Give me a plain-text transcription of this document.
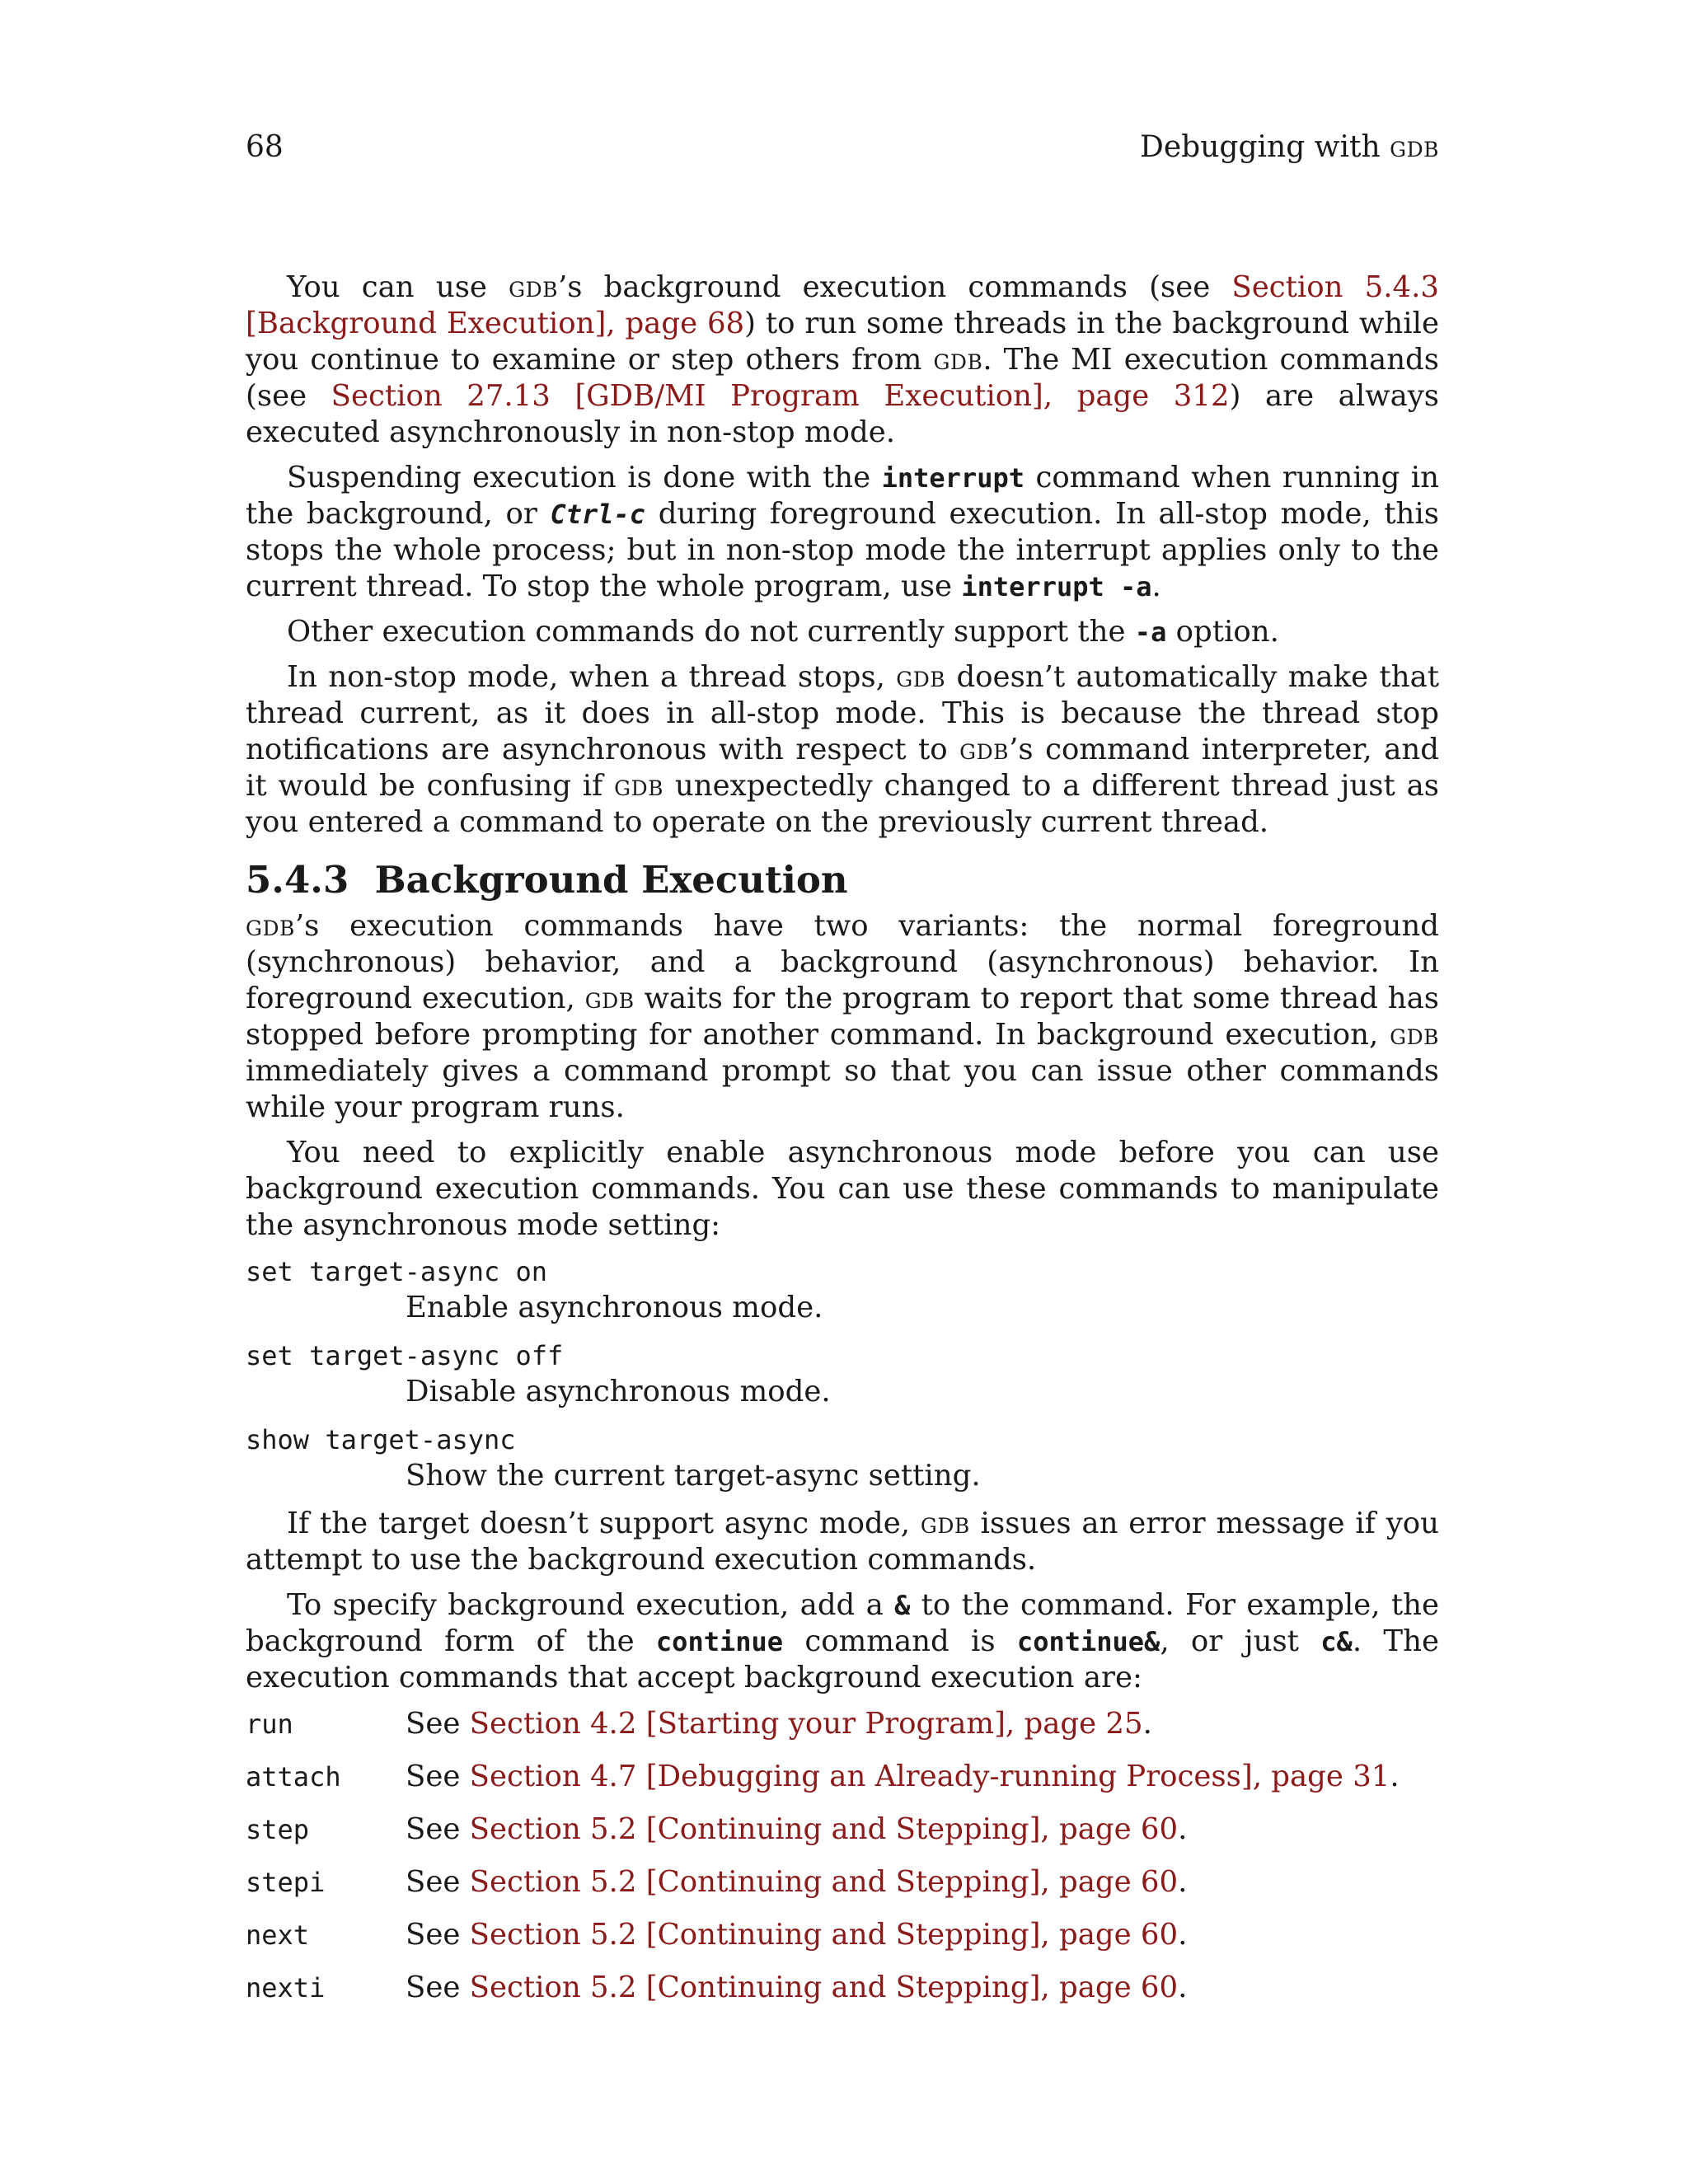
68	Debugging with gdb

You can use gdb’s background execution commands (see Section 5.4.3 [Background Execution], page 68) to run some threads in the background while you continue to examine or step others from gdb. The MI execution commands (see Section 27.13 [GDB/MI Program Execution], page 312) are always executed asynchronously in non-stop mode.

Suspending execution is done with the interrupt command when running in the background, or Ctrl-c during foreground execution. In all-stop mode, this stops the whole process; but in non-stop mode the interrupt applies only to the current thread. To stop the whole program, use interrupt -a.

Other execution commands do not currently support the -a option.

In non-stop mode, when a thread stops, gdb doesn’t automatically make that thread current, as it does in all-stop mode. This is because the thread stop notifications are asynchronous with respect to gdb’s command interpreter, and it would be confusing if gdb unexpectedly changed to a different thread just as you entered a command to operate on the previously current thread.

5.4.3 Background Execution

gdb’s execution commands have two variants: the normal foreground (synchronous) behavior, and a background (asynchronous) behavior. In foreground execution, gdb waits for the program to report that some thread has stopped before prompting for another command. In background execution, gdb immediately gives a command prompt so that you can issue other commands while your program runs.

You need to explicitly enable asynchronous mode before you can use background execution commands. You can use these commands to manipulate the asynchronous mode setting:

set target-async on
Enable asynchronous mode.
set target-async off
Disable asynchronous mode.
show target-async
Show the current target-async setting.

If the target doesn’t support async mode, gdb issues an error message if you attempt to use the background execution commands.

To specify background execution, add a & to the command. For example, the background form of the continue command is continue&, or just c&. The execution commands that accept background execution are:

run	See Section 4.2 [Starting your Program], page 25.
attach	See Section 4.7 [Debugging an Already-running Process], page 31.
step	See Section 5.2 [Continuing and Stepping], page 60.
stepi	See Section 5.2 [Continuing and Stepping], page 60.
next	See Section 5.2 [Continuing and Stepping], page 60.
nexti	See Section 5.2 [Continuing and Stepping], page 60.
